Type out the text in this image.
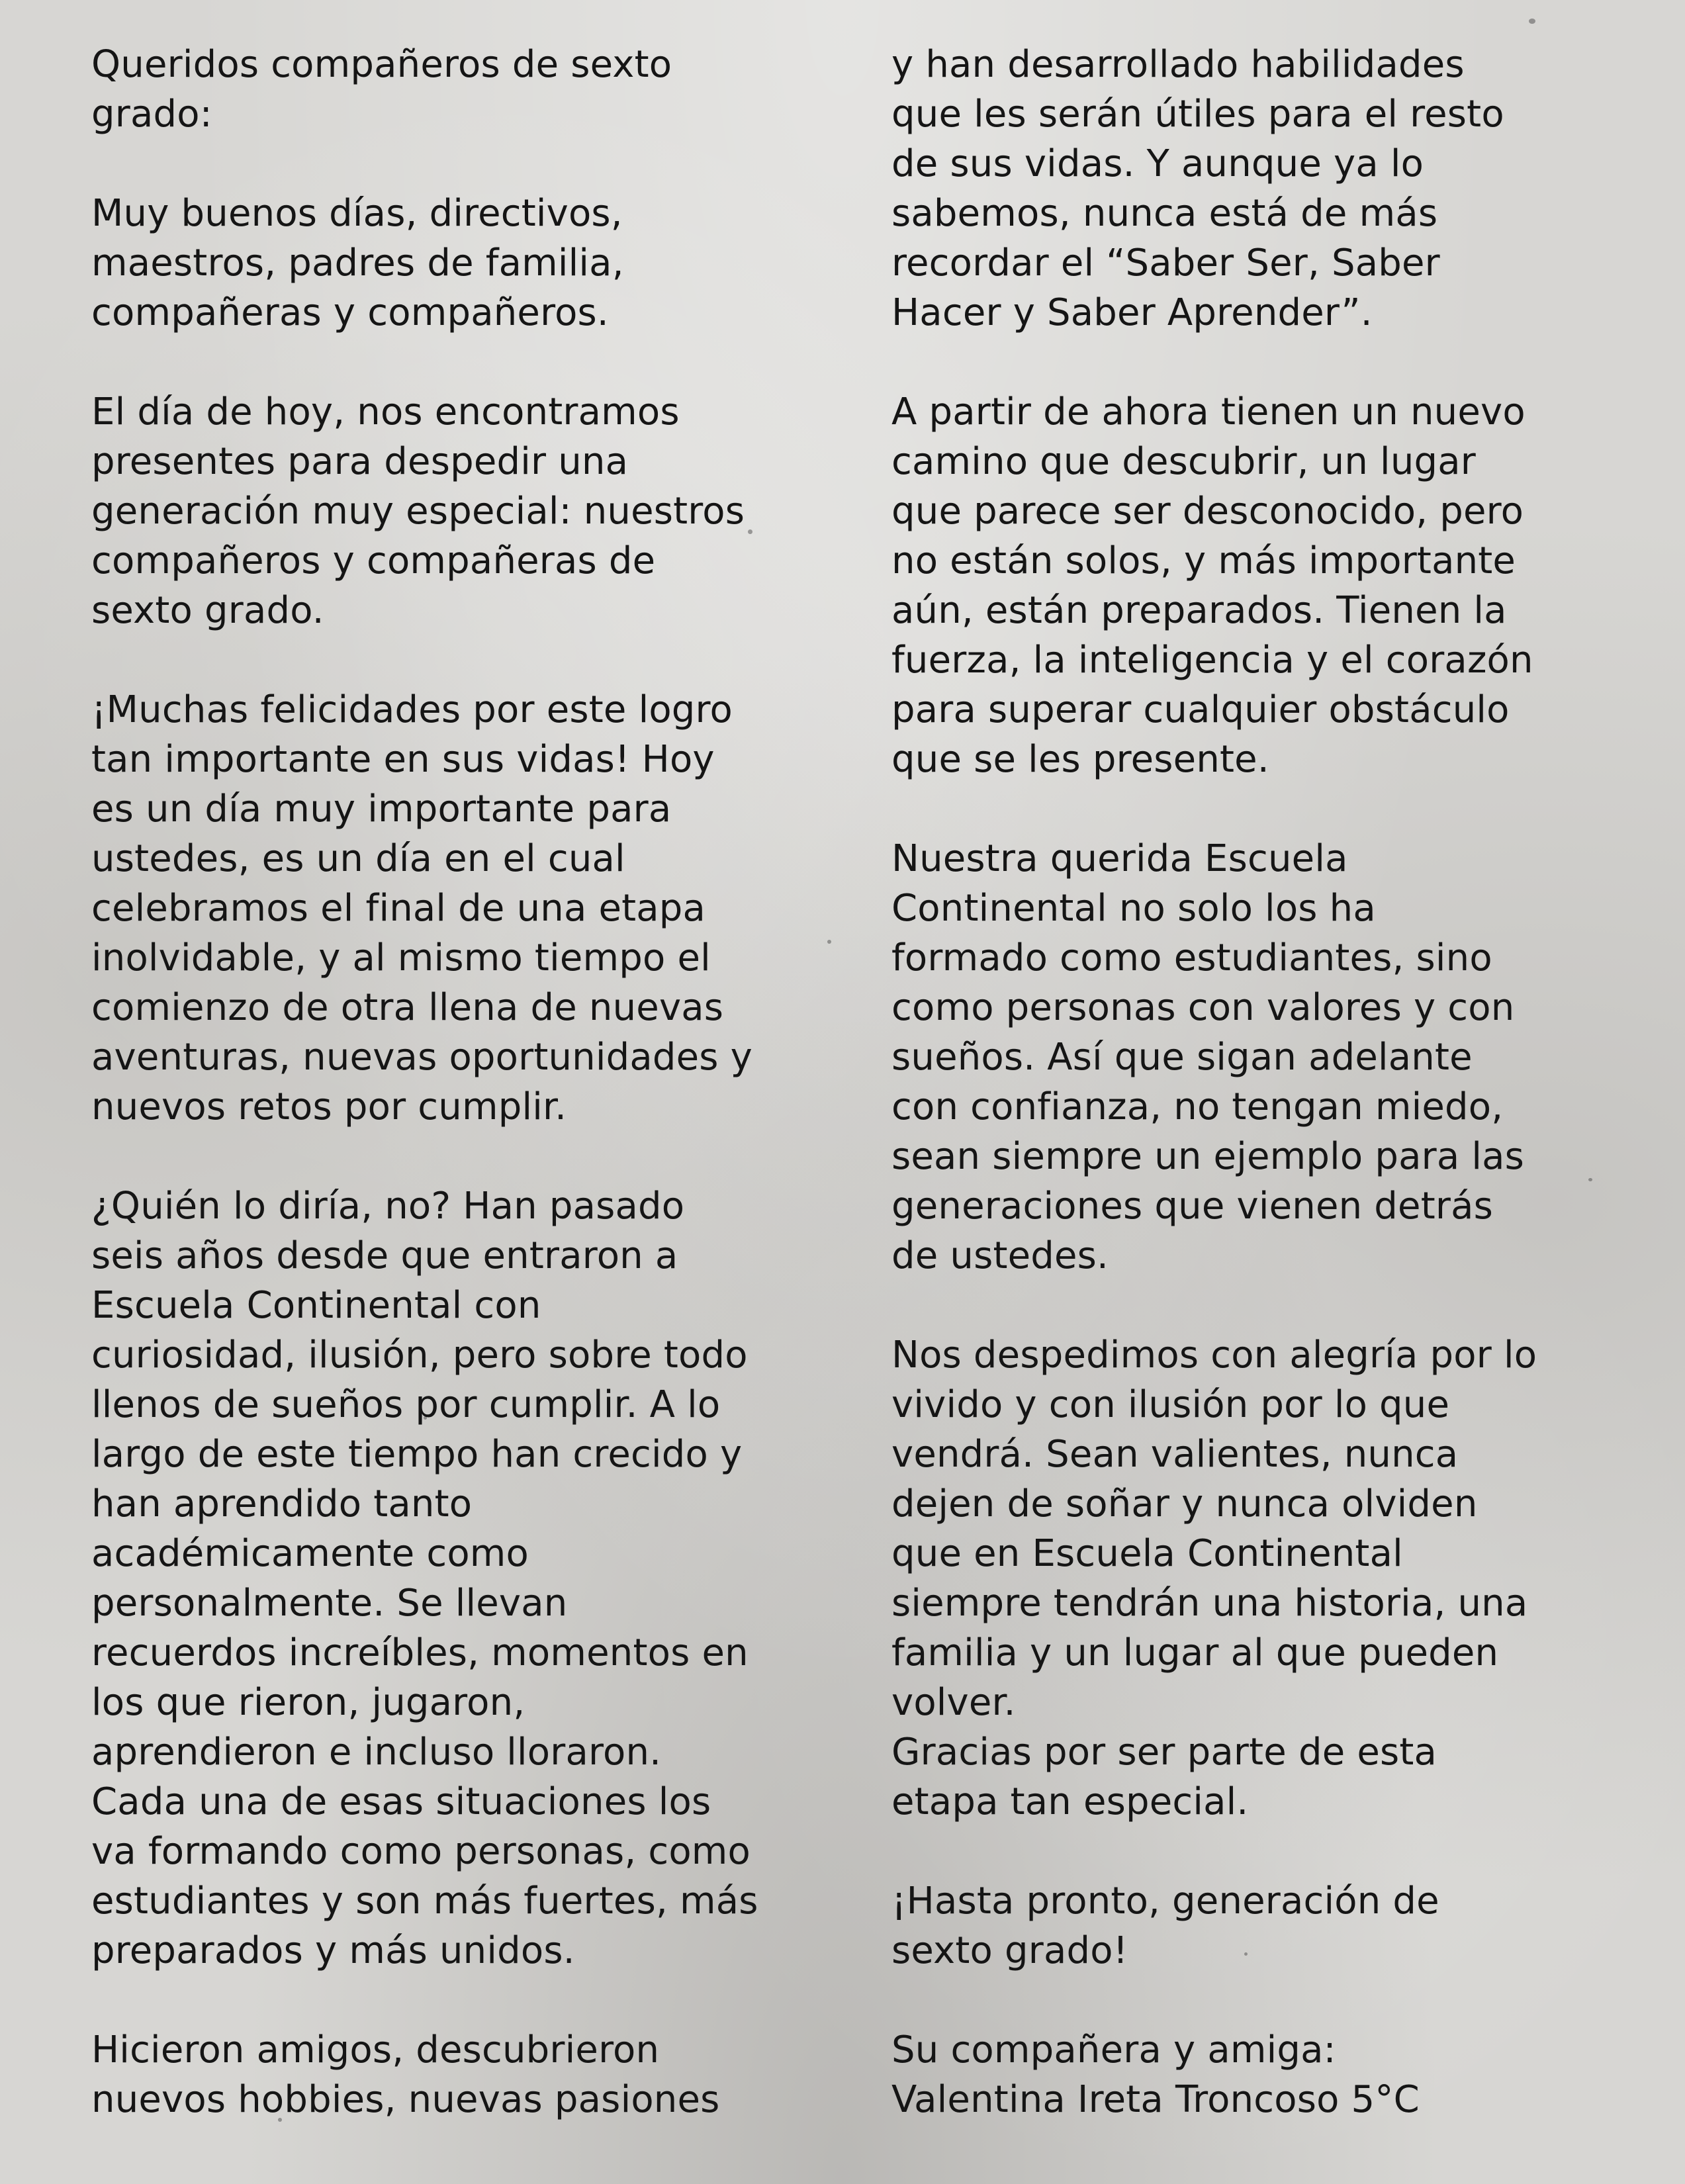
Queridos compañeros de sexto
grado:

Muy buenos días, directivos,
maestros, padres de familia,
compañeras y compañeros.

El día de hoy, nos encontramos
presentes para despedir una
generación muy especial: nuestros
compañeros y compañeras de
sexto grado.

¡Muchas felicidades por este logro
tan importante en sus vidas! Hoy
es un día muy importante para
ustedes, es un día en el cual
celebramos el final de una etapa
inolvidable, y al mismo tiempo el
comienzo de otra llena de nuevas
aventuras, nuevas oportunidades y
nuevos retos por cumplir.

¿Quién lo diría, no? Han pasado
seis años desde que entraron a
Escuela Continental con
curiosidad, ilusión, pero sobre todo
llenos de sueños por cumplir. A lo
largo de este tiempo han crecido y
han aprendido tanto
académicamente como
personalmente. Se llevan
recuerdos increíbles, momentos en
los que rieron, jugaron,
aprendieron e incluso lloraron.
Cada una de esas situaciones los
va formando como personas, como
estudiantes y son más fuertes, más
preparados y más unidos.

Hicieron amigos, descubrieron
nuevos hobbies, nuevas pasiones

y han desarrollado habilidades
que les serán útiles para el resto
de sus vidas. Y aunque ya lo
sabemos, nunca está de más
recordar el “Saber Ser, Saber
Hacer y Saber Aprender”.

A partir de ahora tienen un nuevo
camino que descubrir, un lugar
que parece ser desconocido, pero
no están solos, y más importante
aún, están preparados. Tienen la
fuerza, la inteligencia y el corazón
para superar cualquier obstáculo
que se les presente.

Nuestra querida Escuela
Continental no solo los ha
formado como estudiantes, sino
como personas con valores y con
sueños. Así que sigan adelante
con confianza, no tengan miedo,
sean siempre un ejemplo para las
generaciones que vienen detrás
de ustedes.

Nos despedimos con alegría por lo
vivido y con ilusión por lo que
vendrá. Sean valientes, nunca
dejen de soñar y nunca olviden
que en Escuela Continental
siempre tendrán una historia, una
familia y un lugar al que pueden
volver.

Gracias por ser parte de esta
etapa tan especial.

¡Hasta pronto, generación de
sexto grado!

Su compañera y amiga:
Valentina Ireta Troncoso 5°C
